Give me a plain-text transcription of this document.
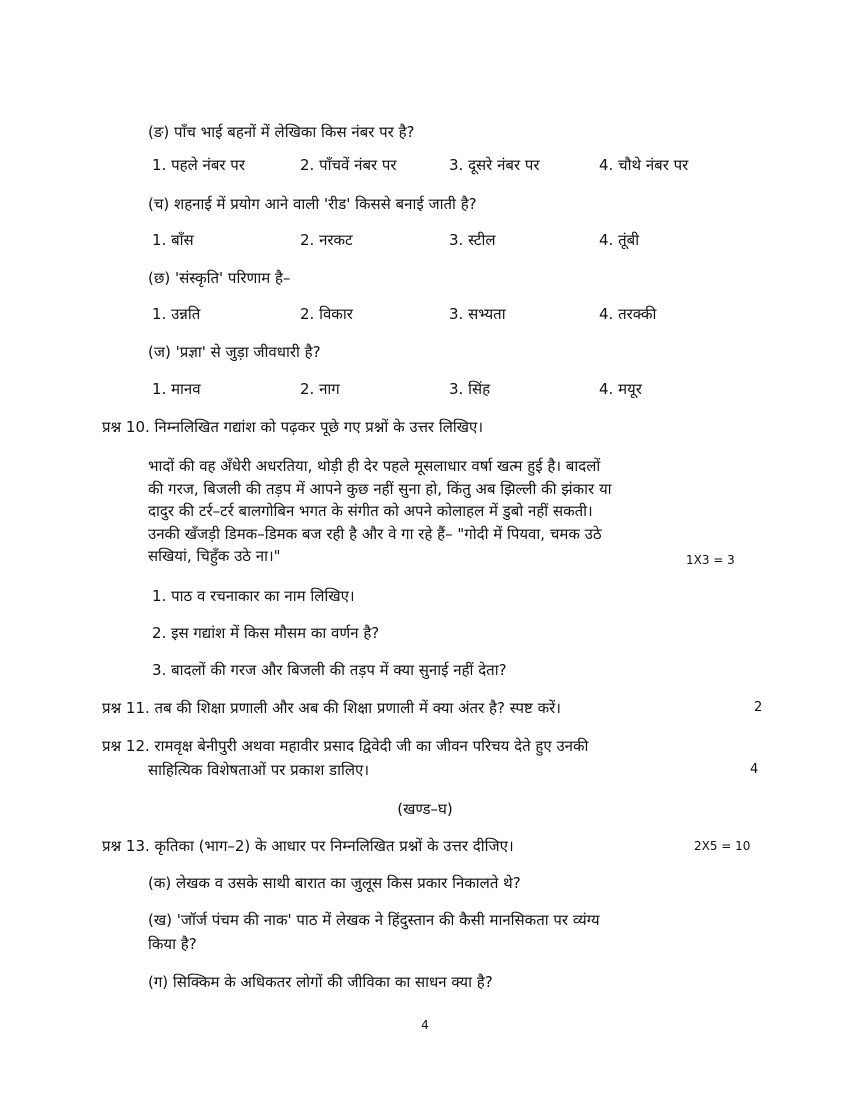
(ङ) पाँच भाई बहनों में लेखिका किस नंबर पर है?
1. पहले नंबर पर	2. पाँचवें नंबर पर	3. दूसरे नंबर पर	4. चौथे नंबर पर
(च) शहनाई में प्रयोग आने वाली 'रीड' किससे बनाई जाती है?
1. बाँस	2. नरकट	3. स्टील	4. तूंबी
(छ) 'संस्कृति' परिणाम है–
1. उन्नति	2. विकार	3. सभ्यता	4. तरक्की
(ज) 'प्रज्ञा' से जुड़ा जीवधारी है?
1. मानव	2. नाग	3. सिंह	4. मयूर
प्रश्न 10. निम्नलिखित गद्यांश को पढ़कर पूछे गए प्रश्नों के उत्तर लिखिए।
भादों की वह अँधेरी अधरतिया, थोड़ी ही देर पहले मूसलाधार वर्षा खत्म हुई है। बादलों
की गरज, बिजली की तड़प में आपने कुछ नहीं सुना हो, किंतु अब झिल्ली की झंकार या
दादुर की टर्र–टर्र बालगोबिन भगत के संगीत को अपने कोलाहल में डुबो नहीं सकती।
उनकी खँजड़ी डिमक–डिमक बज रही है और वे गा रहे हैं– "गोदी में पियवा, चमक उठे
सखियां, चिहुँक उठे ना।"	1X3 = 3
1. पाठ व रचनाकार का नाम लिखिए।
2. इस गद्यांश में किस मौसम का वर्णन है?
3. बादलों की गरज और बिजली की तड़प में क्या सुनाई नहीं देता?
प्रश्न 11. तब की शिक्षा प्रणाली और अब की शिक्षा प्रणाली में क्या अंतर है? स्पष्ट करें।	2
प्रश्न 12. रामवृक्ष बेनीपुरी अथवा महावीर प्रसाद द्विवेदी जी का जीवन परिचय देते हुए उनकी
साहित्यिक विशेषताओं पर प्रकाश डालिए।	4
(खण्ड–घ)
प्रश्न 13. कृतिका (भाग–2) के आधार पर निम्नलिखित प्रश्नों के उत्तर दीजिए।	2X5 = 10
(क) लेखक व उसके साथी बारात का जुलूस किस प्रकार निकालते थे?
(ख) 'जॉर्ज पंचम की नाक' पाठ में लेखक ने हिंदुस्तान की कैसी मानसिकता पर व्यंग्य
किया है?
(ग) सिक्किम के अधिकतर लोगों की जीविका का साधन क्या है?
4
